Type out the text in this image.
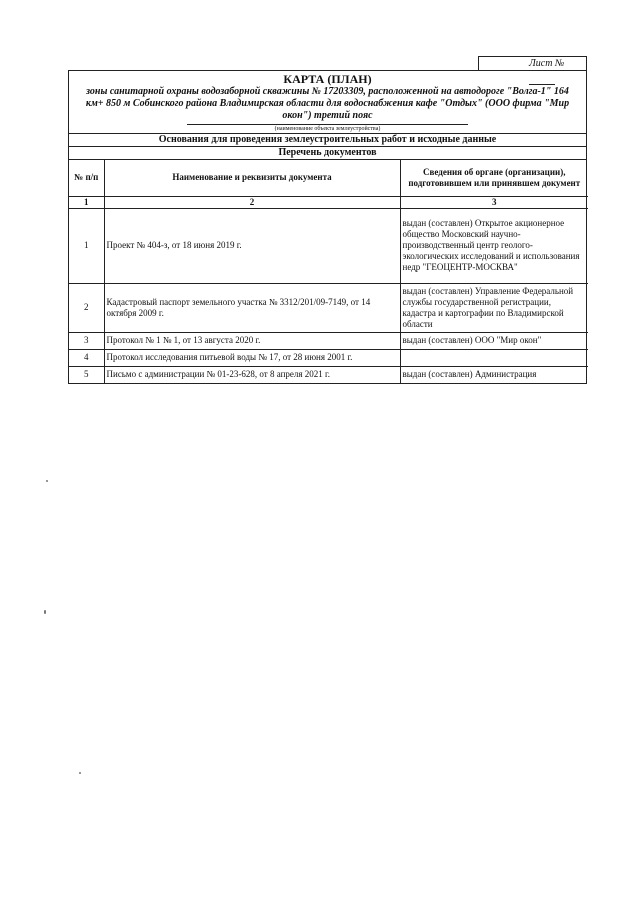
Лист №
КАРТА (ПЛАН)
зоны санитарной охраны водозаборной скважины № 17203309, расположенной на автодороге "Волга-1" 164 км+ 850 м Собинского района Владимирская области для водоснабжения кафе "Отдых" (ООО фирма "Мир окон") третий пояс
(наименование объекта землеустройства)
Основания для проведения землеустроительных работ и исходные данные
Перечень документов
№ п/п	Наименование и реквизиты документа	Сведения об органе (организации), подготовившем или принявшем документ
1	2	3
1	Проект № 404-з, от 18 июня 2019 г.	выдан (составлен) Открытое акционерное общество Московский научно-производственный центр геолого-экологических исследований и использования недр "ГЕОЦЕНТР-МОСКВА"
2	Кадастровый паспорт земельного участка № 3312/201/09-7149, от 14 октября 2009 г.	выдан (составлен) Управление Федеральной службы государственной регистрации, кадастра и картографии по Владимирской области
3	Протокол № 1 № 1, от 13 августа 2020 г.	выдан (составлен) ООО "Мир окон"
4	Протокол исследования питьевой воды № 17, от 28 июня 2001 г.	
5	Письмо с администрации № 01-23-628, от 8 апреля 2021 г.	выдан (составлен) Администрация
